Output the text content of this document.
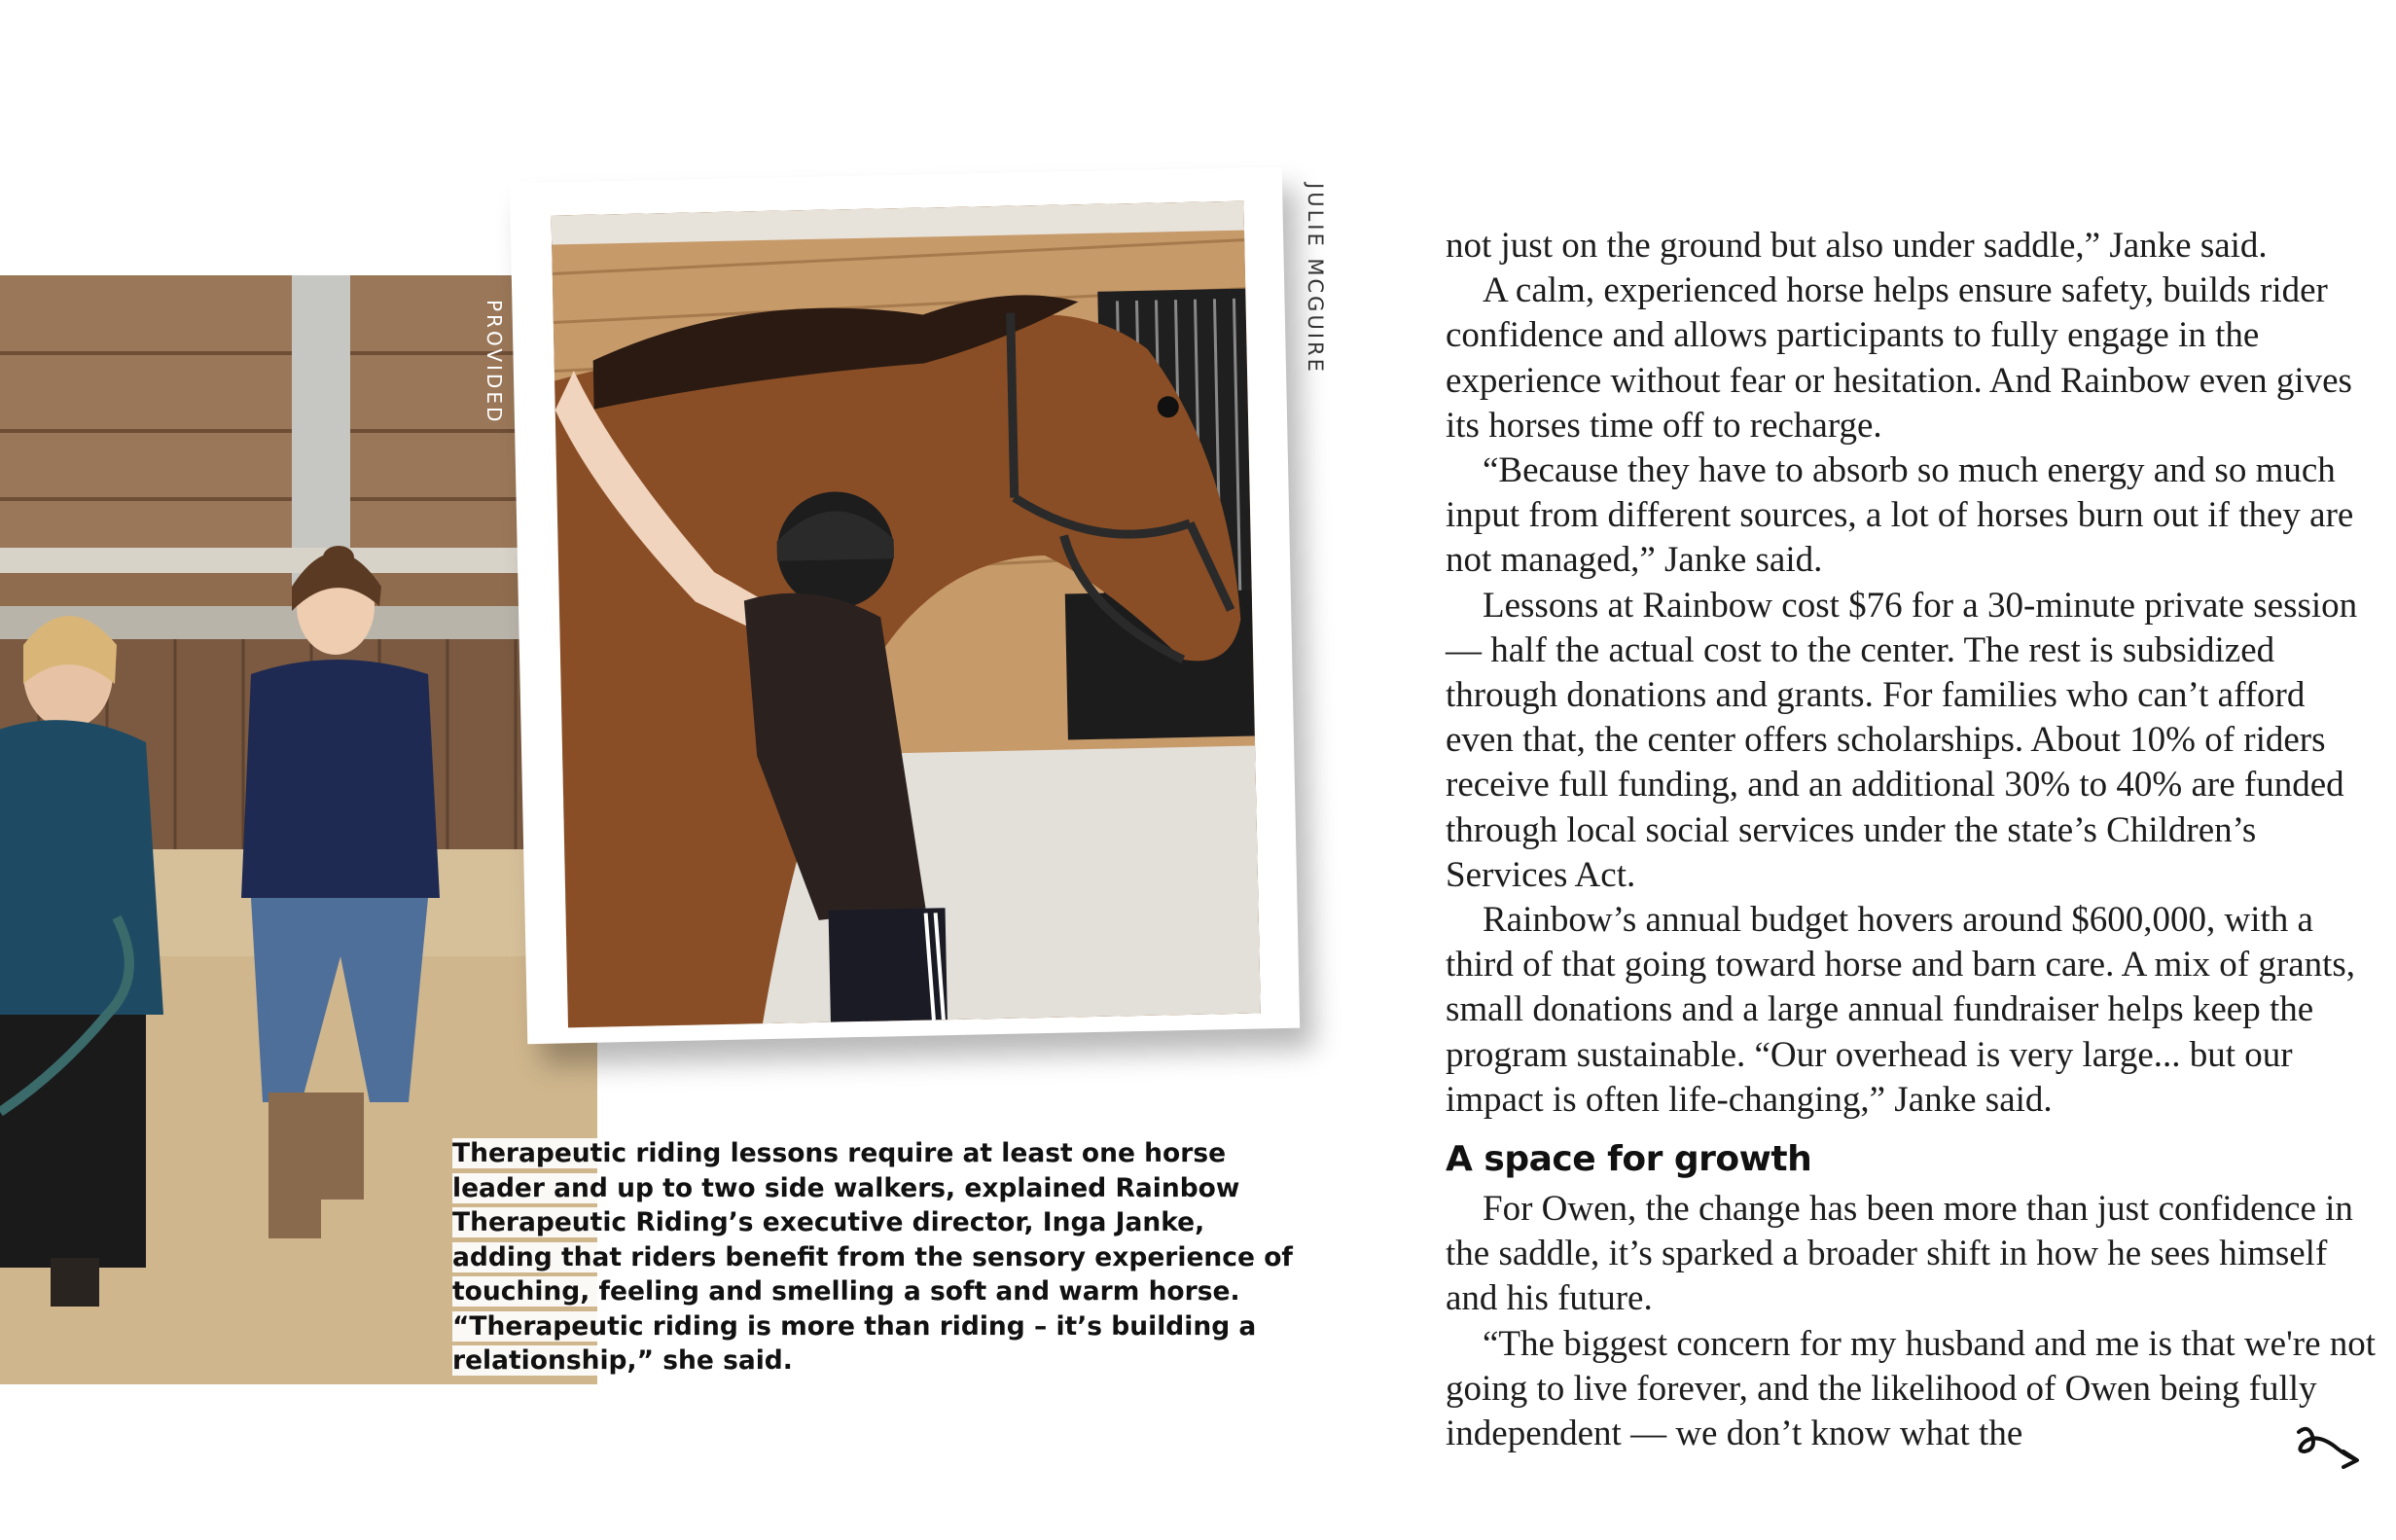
PROVIDED	JULIE MCGUIRE
Therapeutic riding lessons require at least one horse leader and up to two side walkers, explained Rainbow Therapeutic Riding’s executive director, Inga Janke, adding that riders benefit from the sensory experience of touching, feeling and smelling a soft and warm horse. “Therapeutic riding is more than riding – it’s building a relationship,” she said.

not just on the ground but also under saddle,” Janke said.

A calm, experienced horse helps ensure safety, builds rider confidence and allows participants to fully engage in the experience without fear or hesitation. And Rainbow even gives its horses time off to recharge.

“Because they have to absorb so much energy and so much input from different sources, a lot of horses burn out if they are not managed,” Janke said.

Lessons at Rainbow cost $76 for a 30-minute private session — half the actual cost to the center. The rest is subsidized through donations and grants. For families who can’t afford even that, the center offers scholarships. About 10% of riders receive full funding, and an additional 30% to 40% are funded through local social services under the state’s Children’s Services Act.

Rainbow’s annual budget hovers around $600,000, with a third of that going toward horse and barn care. A mix of grants, small donations and a large annual fundraiser helps keep the program sustainable. “Our overhead is very large... but our impact is often life-changing,” Janke said.

A space for growth

For Owen, the change has been more than just confidence in the saddle, it’s sparked a broader shift in how he sees himself and his future.

“The biggest concern for my husband and me is that we're not going to live forever, and the likelihood of Owen being fully independent — we don’t know what the
